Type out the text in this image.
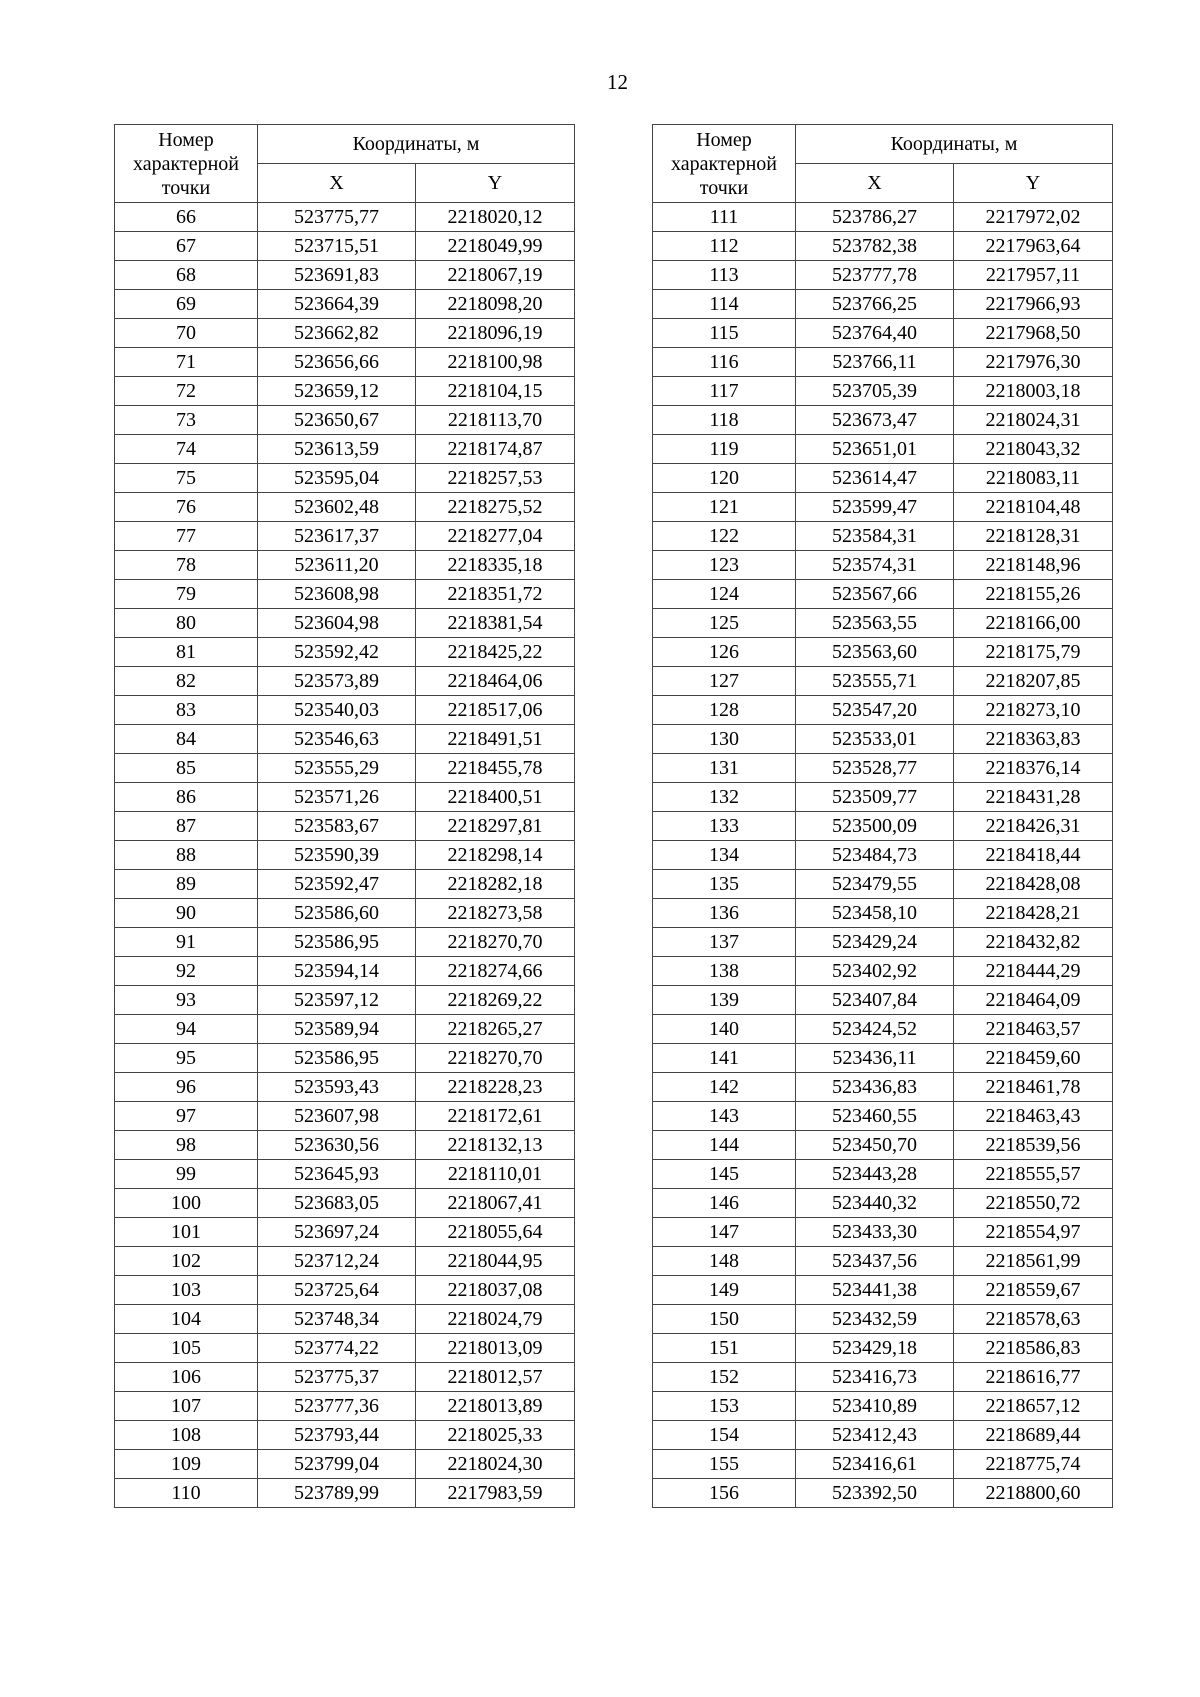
12
Номер характерной точки	Координаты, м	
	X	Y
66	523775,77	2218020,12
67	523715,51	2218049,99
68	523691,83	2218067,19
69	523664,39	2218098,20
70	523662,82	2218096,19
71	523656,66	2218100,98
72	523659,12	2218104,15
73	523650,67	2218113,70
74	523613,59	2218174,87
75	523595,04	2218257,53
76	523602,48	2218275,52
77	523617,37	2218277,04
78	523611,20	2218335,18
79	523608,98	2218351,72
80	523604,98	2218381,54
81	523592,42	2218425,22
82	523573,89	2218464,06
83	523540,03	2218517,06
84	523546,63	2218491,51
85	523555,29	2218455,78
86	523571,26	2218400,51
87	523583,67	2218297,81
88	523590,39	2218298,14
89	523592,47	2218282,18
90	523586,60	2218273,58
91	523586,95	2218270,70
92	523594,14	2218274,66
93	523597,12	2218269,22
94	523589,94	2218265,27
95	523586,95	2218270,70
96	523593,43	2218228,23
97	523607,98	2218172,61
98	523630,56	2218132,13
99	523645,93	2218110,01
100	523683,05	2218067,41
101	523697,24	2218055,64
102	523712,24	2218044,95
103	523725,64	2218037,08
104	523748,34	2218024,79
105	523774,22	2218013,09
106	523775,37	2218012,57
107	523777,36	2218013,89
108	523793,44	2218025,33
109	523799,04	2218024,30
110	523789,99	2217983,59
Номер характерной точки	Координаты, м	
	X	Y
111	523786,27	2217972,02
112	523782,38	2217963,64
113	523777,78	2217957,11
114	523766,25	2217966,93
115	523764,40	2217968,50
116	523766,11	2217976,30
117	523705,39	2218003,18
118	523673,47	2218024,31
119	523651,01	2218043,32
120	523614,47	2218083,11
121	523599,47	2218104,48
122	523584,31	2218128,31
123	523574,31	2218148,96
124	523567,66	2218155,26
125	523563,55	2218166,00
126	523563,60	2218175,79
127	523555,71	2218207,85
128	523547,20	2218273,10
130	523533,01	2218363,83
131	523528,77	2218376,14
132	523509,77	2218431,28
133	523500,09	2218426,31
134	523484,73	2218418,44
135	523479,55	2218428,08
136	523458,10	2218428,21
137	523429,24	2218432,82
138	523402,92	2218444,29
139	523407,84	2218464,09
140	523424,52	2218463,57
141	523436,11	2218459,60
142	523436,83	2218461,78
143	523460,55	2218463,43
144	523450,70	2218539,56
145	523443,28	2218555,57
146	523440,32	2218550,72
147	523433,30	2218554,97
148	523437,56	2218561,99
149	523441,38	2218559,67
150	523432,59	2218578,63
151	523429,18	2218586,83
152	523416,73	2218616,77
153	523410,89	2218657,12
154	523412,43	2218689,44
155	523416,61	2218775,74
156	523392,50	2218800,60
